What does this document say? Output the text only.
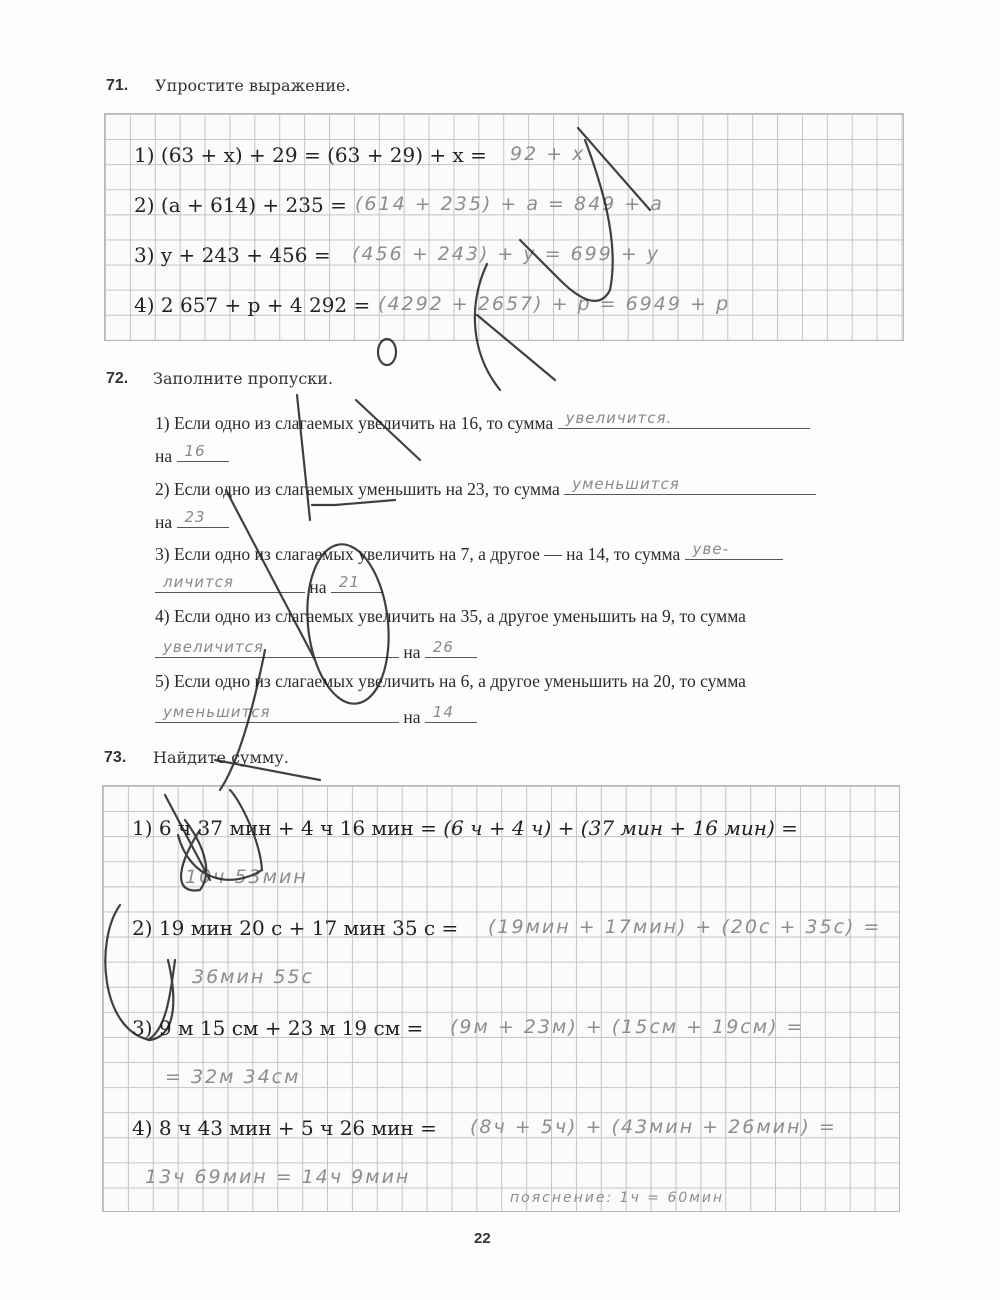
71. Упростите выражение.
1) (63 + x) + 29 = (63 + 29) + x = 92 + x
2) (a + 614) + 235 = (614 + 235) + a = 849 + a
3) y + 243 + 456 = (456 + 243) + y = 699 + y
4) 2 657 + p + 4 292 = (4292 + 2657) + p = 6949 + p
72. Заполните пропуски.
1) Если одно из слагаемых увеличить на 16, то сумма увеличится.
на 16
2) Если одно из слагаемых уменьшить на 23, то сумма уменьшится
на 23
3) Если одно из слагаемых увеличить на 7, а другое — на 14, то сумма уве-
личится	на 21
4) Если одно из слагаемых увеличить на 35, а другое уменьшить на 9, то сумма
увеличится	на 26
5) Если одно из слагаемых увеличить на 6, а другое уменьшить на 20, то сумма
уменьшится	на 14
73. Найдите сумму.
1) 6 ч 37 мин + 4 ч 16 мин = (6 ч + 4 ч) + (37 мин + 16 мин) =
10ч 53мин
2) 19 мин 20 с + 17 мин 35 с = (19мин + 17мин) + (20с + 35с) =
36мин 55с
3) 9 м 15 см + 23 м 19 см = (9м + 23м) + (15см + 19см) =
= 32м 34см
4) 8 ч 43 мин + 5 ч 26 мин = (8ч + 5ч) + (43мин + 26мин) =
13ч 69мин = 14ч 9мин
пояснение: 1ч = 60мин
22
